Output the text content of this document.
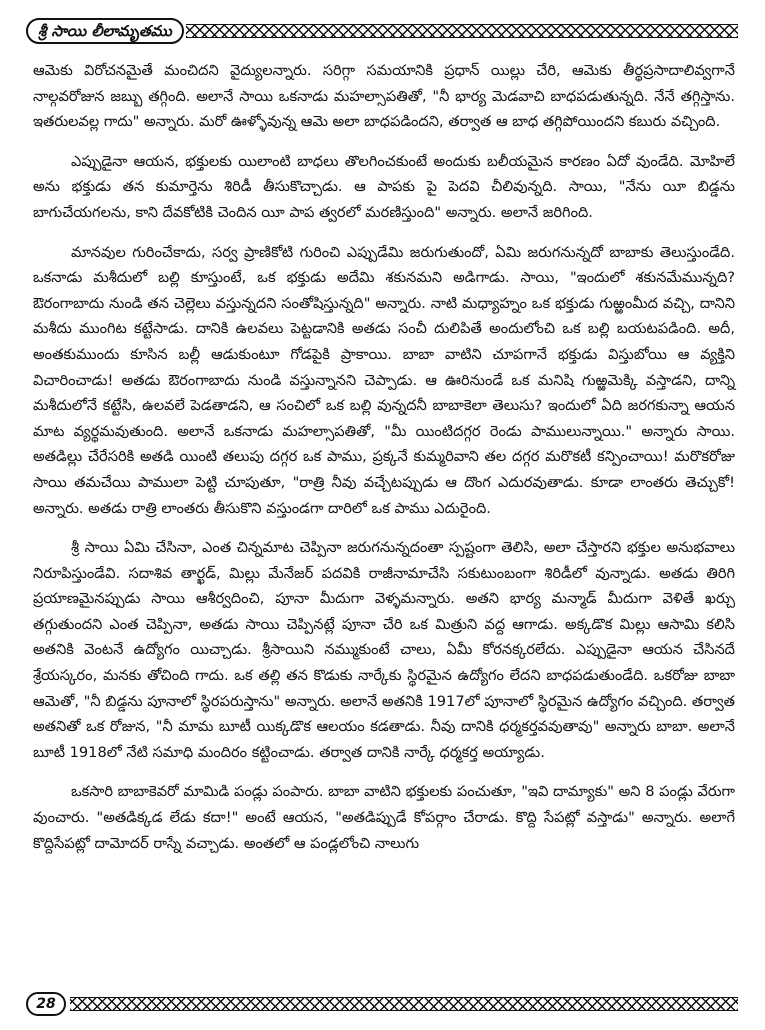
శ్రీ సాయి లీలామృతము

ఆమెకు విరోచనమైతే మంచిదని వైద్యులన్నారు. సరిగ్గా సమయానికి ప్రధాన్ యిల్లు చేరి, ఆమెకు తీర్థప్రసాదాలివ్వగానే నాల్గవరోజున జబ్బు తగ్గింది. అలానే సాయి ఒకనాడు మహల్సాపతితో, "నీ భార్య మెడవాచి బాధపడుతున్నది. నేనే తగ్గిస్తాను. ఇతరులవల్ల గాదు" అన్నారు. మరో ఊళ్ళోవున్న ఆమె అలా బాధపడిందని, తర్వాత ఆ బాధ తగ్గిపోయిందని కబురు వచ్చింది.

ఎప్పుడైనా ఆయన, భక్తులకు యిలాంటి బాధలు తొలగించకుంటే అందుకు బలీయమైన కారణం ఏదో వుండేది. మోహిలే అను భక్తుడు తన కుమార్తెను శిరిడీ తీసుకొచ్చాడు. ఆ పాపకు పై పెదవి చీలివున్నది. సాయి, "నేను యీ బిడ్డను బాగుచేయగలను, కాని దేవకోటికి చెందిన యీ పాప త్వరలో మరణిస్తుంది" అన్నారు. అలానే జరిగింది.

మానవుల గురించేకాదు, సర్వ ప్రాణికోటి గురించి ఎప్పుడేమి జరుగుతుందో, ఏమి జరుగనున్నదో బాబాకు తెలుస్తుండేది. ఒకనాడు మశీదులో బల్లి కూస్తుంటే, ఒక భక్తుడు అదేమి శకునమని అడిగాడు. సాయి, "ఇందులో శకునమేమున్నది? ఔరంగాబాదు నుండి తన చెల్లెలు వస్తున్నదని సంతోషిస్తున్నది" అన్నారు. నాటి మధ్యాహ్నం ఒక భక్తుడు గుఱ్ఱంమీద వచ్చి, దానిని మశీదు ముంగిట కట్టేసాడు. దానికి ఉలవలు పెట్టడానికి అతడు సంచీ దులిపితే అందులోంచి ఒక బల్లి బయటపడింది. అదీ, అంతకుముందు కూసిన బల్లీ ఆడుకుంటూ గోడపైకి ప్రాకాయి. బాబా వాటిని చూపగానే భక్తుడు విస్తుబోయి ఆ వ్యక్తిని విచారించాడు! అతడు ఔరంగాబాదు నుండి వస్తున్నానని చెప్పాడు. ఆ ఊరినుండే ఒక మనిషి గుఱ్ఱమెక్కి వస్తాడని, దాన్ని మశీదులోనే కట్టేసి, ఉలవలే పెడతాడని, ఆ సంచిలో ఒక బల్లి వున్నదనీ బాబాకెలా తెలుసు? ఇందులో ఏది జరగకున్నా ఆయన మాట వ్యర్థమవుతుంది. అలానే ఒకనాడు మహల్సాపతితో, "మీ యింటిదగ్గర రెండు పాములున్నాయి." అన్నారు సాయి. అతడిల్లు చేరేసరికి అతడి యింటి తలుపు దగ్గర ఒక పాము, ప్రక్కనే కుమ్మరివాని తల దగ్గర మరొకటీ కన్పించాయి! మరొకరోజు సాయి తమచేయి పాములా పెట్టి చూపుతూ, "రాత్రి నీవు వచ్చేటప్పుడు ఆ దొంగ ఎదురవుతాడు. కూడా లాంతరు తెచ్చుకో! అన్నారు. అతడు రాత్రి లాంతరు తీసుకొని వస్తుండగా దారిలో ఒక పాము ఎదురైంది.

శ్రీ సాయి ఏమి చేసినా, ఎంత చిన్నమాట చెప్పినా జరుగనున్నదంతా స్పష్టంగా తెలిసి, అలా చేస్తారని భక్తుల అనుభవాలు నిరూపిస్తుండేవి. సదాశివ తార్ఖడ్, మిల్లు మేనేజర్ పదవికి రాజీనామాచేసి సకుటుంబంగా శిరిడీలో వున్నాడు. అతడు తిరిగి ప్రయాణమైనప్పుడు సాయి ఆశీర్వదించి, పూనా మీదుగా వెళ్ళమన్నారు. అతని భార్య మన్మాడ్ మీదుగా వెళితే ఖర్చు తగ్గుతుందని ఎంత చెప్పినా, అతడు సాయి చెప్పినట్లే పూనా చేరి ఒక మిత్రుని వద్ద ఆగాడు. అక్కడొక మిల్లు ఆసామి కలిసి అతనికి వెంటనే ఉద్యోగం యిచ్చాడు. శ్రీసాయిని నమ్ముకుంటే చాలు, ఏమీ కోరనక్కరలేదు. ఎప్పుడైనా ఆయన చేసినదే శ్రేయస్కరం, మనకు తోచింది గాదు. ఒక తల్లి తన కొడుకు నార్కేకు స్థిరమైన ఉద్యోగం లేదని బాధపడుతుండేది. ఒకరోజు బాబా ఆమెతో, "నీ బిడ్డను పూనాలో స్థిరపరుస్తాను" అన్నారు. అలానే అతనికి 1917లో పూనాలో స్థిరమైన ఉద్యోగం వచ్చింది. తర్వాత అతనితో ఒక రోజున, "నీ మామ బూటీ యిక్కడొక ఆలయం కడతాడు. నీవు దానికి ధర్మకర్తవవుతావు" అన్నారు బాబా. అలానే బూటీ 1918లో నేటి సమాధి మందిరం కట్టించాడు. తర్వాత దానికి నార్కే ధర్మకర్త అయ్యాడు.

ఒకసారి బాబాకెవరో మామిడి పండ్లు పంపారు. బాబా వాటిని భక్తులకు పంచుతూ, "ఇవి దామ్యాకు" అని 8 పండ్లు వేరుగా వుంచారు. "అతడిక్కడ లేడు కదా!" అంటే ఆయన, "అతడిప్పుడే కోపర్గాం చేరాడు. కొద్ది సేపట్లో వస్తాడు" అన్నారు. అలాగే కొద్దిసేపట్లో దామోదర్ రాస్నే వచ్చాడు. అంతలో ఆ పండ్లలోంచి నాలుగు

28
